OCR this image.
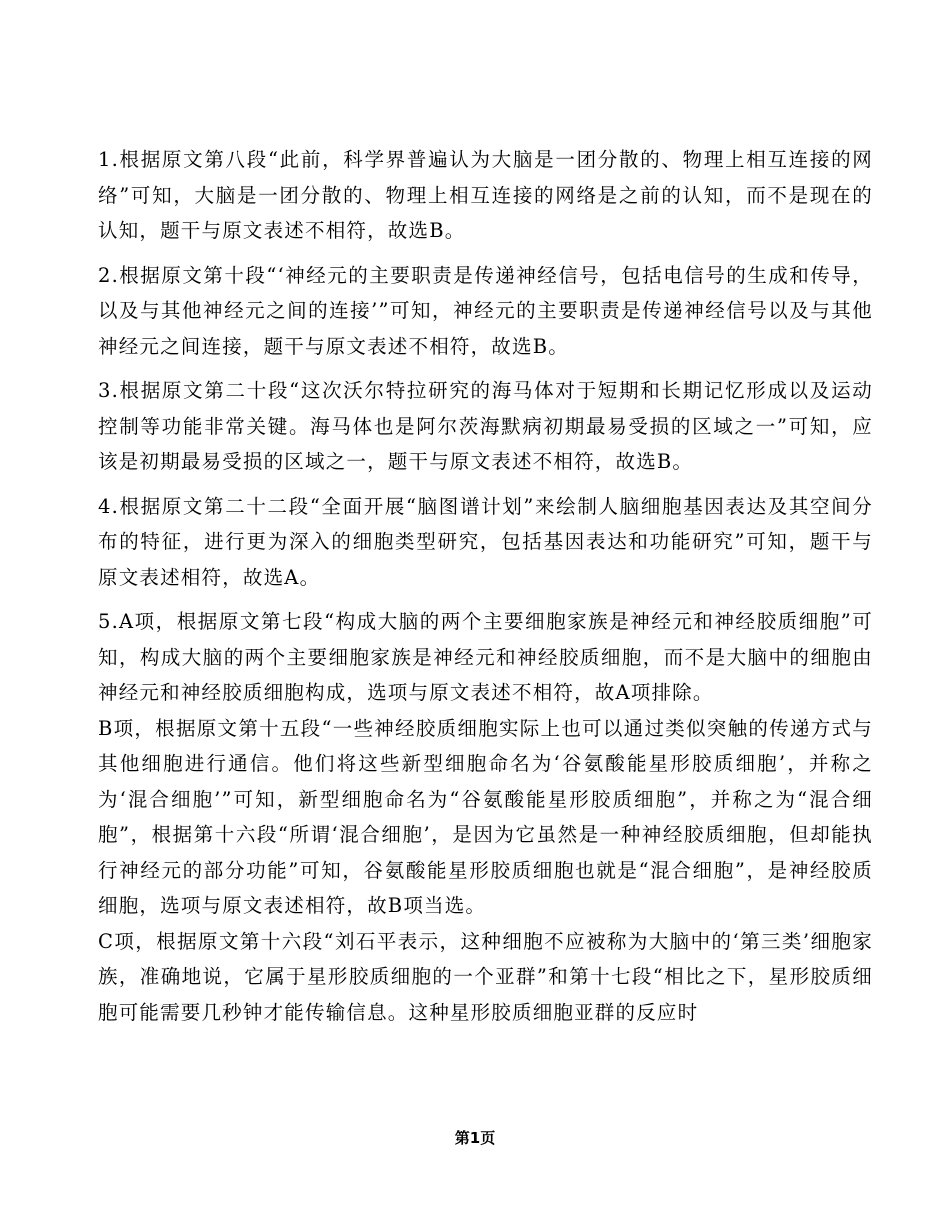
1.根据原文第八段“此前，科学界普遍认为大脑是一团分散的、物理上相互连接的网络”可知，大脑是一团分散的、物理上相互连接的网络是之前的认知，而不是现在的认知，题干与原文表述不相符，故选B。

2.根据原文第十段“‘神经元的主要职责是传递神经信号，包括电信号的生成和传导，以及与其他神经元之间的连接’”可知，神经元的主要职责是传递神经信号以及与其他神经元之间连接，题干与原文表述不相符，故选B。

3.根据原文第二十段“这次沃尔特拉研究的海马体对于短期和长期记忆形成以及运动控制等功能非常关键。海马体也是阿尔茨海默病初期最易受损的区域之一”可知，应该是初期最易受损的区域之一，题干与原文表述不相符，故选B。

4.根据原文第二十二段“全面开展“脑图谱计划”来绘制人脑细胞基因表达及其空间分布的特征，进行更为深入的细胞类型研究，包括基因表达和功能研究”可知，题干与原文表述相符，故选A。

5.A项，根据原文第七段“构成大脑的两个主要细胞家族是神经元和神经胶质细胞”可知，构成大脑的两个主要细胞家族是神经元和神经胶质细胞，而不是大脑中的细胞由神经元和神经胶质细胞构成，选项与原文表述不相符，故A项排除。

B项，根据原文第十五段“一些神经胶质细胞实际上也可以通过类似突触的传递方式与其他细胞进行通信。他们将这些新型细胞命名为‘谷氨酸能星形胶质细胞’，并称之为‘混合细胞’”可知，新型细胞命名为“谷氨酸能星形胶质细胞”，并称之为“混合细胞”，根据第十六段“所谓‘混合细胞’，是因为它虽然是一种神经胶质细胞，但却能执行神经元的部分功能”可知，谷氨酸能星形胶质细胞也就是“混合细胞”，是神经胶质细胞，选项与原文表述相符，故B项当选。

C项，根据原文第十六段“刘石平表示，这种细胞不应被称为大脑中的‘第三类’细胞家族，准确地说，它属于星形胶质细胞的一个亚群”和第十七段“相比之下，星形胶质细胞可能需要几秒钟才能传输信息。这种星形胶质细胞亚群的反应时

第1页
